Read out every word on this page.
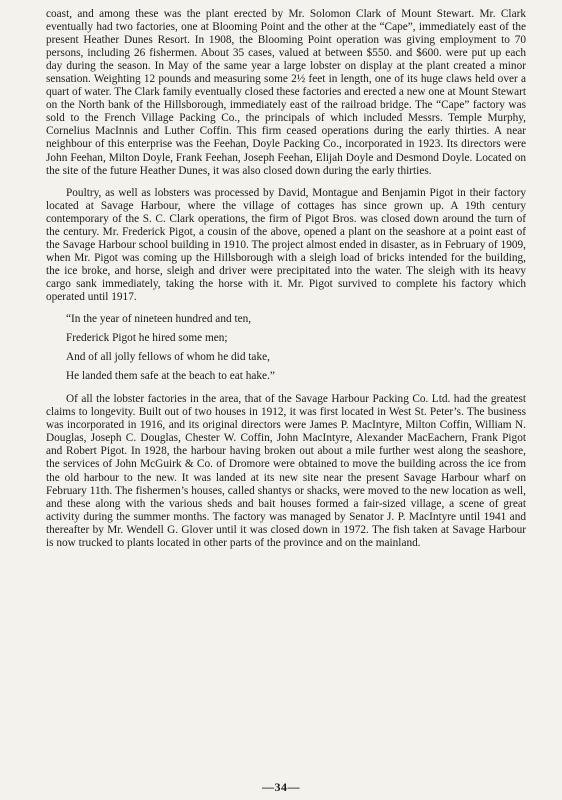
coast, and among these was the plant erected by Mr. Solomon Clark of Mount Stewart. Mr. Clark eventually had two factories, one at Blooming Point and the other at the “Cape”, immediately east of the present Heather Dunes Resort. In 1908, the Blooming Point operation was giving employment to 70 persons, including 26 fishermen. About 35 cases, valued at between $550. and $600. were put up each day during the season. In May of the same year a large lobster on display at the plant created a minor sensation. Weighting 12 pounds and measuring some 2½ feet in length, one of its huge claws held over a quart of water. The Clark family eventually closed these factories and erected a new one at Mount Stewart on the North bank of the Hillsborough, immediately east of the railroad bridge. The “Cape” factory was sold to the French Village Packing Co., the principals of which included Messrs. Temple Murphy, Cornelius MacInnis and Luther Coffin. This firm ceased operations during the early thirties. A near neighbour of this enterprise was the Feehan, Doyle Packing Co., incorporated in 1923. Its directors were John Feehan, Milton Doyle, Frank Feehan, Joseph Feehan, Elijah Doyle and Desmond Doyle. Located on the site of the future Heather Dunes, it was also closed down during the early thirties.

Poultry, as well as lobsters was processed by David, Montague and Benjamin Pigot in their factory located at Savage Harbour, where the village of cottages has since grown up. A 19th century contemporary of the S. C. Clark operations, the firm of Pigot Bros. was closed down around the turn of the century. Mr. Frederick Pigot, a cousin of the above, opened a plant on the seashore at a point east of the Savage Harbour school building in 1910. The project almost ended in disaster, as in February of 1909, when Mr. Pigot was coming up the Hillsborough with a sleigh load of bricks intended for the building, the ice broke, and horse, sleigh and driver were precipitated into the water. The sleigh with its heavy cargo sank immediately, taking the horse with it. Mr. Pigot survived to complete his factory which operated until 1917.

“In the year of nineteen hundred and ten,

Frederick Pigot he hired some men;

And of all jolly fellows of whom he did take,

He landed them safe at the beach to eat hake.”

Of all the lobster factories in the area, that of the Savage Harbour Packing Co. Ltd. had the greatest claims to longevity. Built out of two houses in 1912, it was first located in West St. Peter’s. The business was incorporated in 1916, and its original directors were James P. MacIntyre, Milton Coffin, William N. Douglas, Joseph C. Douglas, Chester W. Coffin, John MacIntyre, Alexander MacEachern, Frank Pigot and Robert Pigot. In 1928, the harbour having broken out about a mile further west along the seashore, the services of John McGuirk & Co. of Dromore were obtained to move the building across the ice from the old harbour to the new. It was landed at its new site near the present Savage Harbour wharf on February 11th. The fishermen’s houses, called shantys or shacks, were moved to the new location as well, and these along with the various sheds and bait houses formed a fair-sized village, a scene of great activity during the summer months. The factory was managed by Senator J. P. MacIntyre until 1941 and thereafter by Mr. Wendell G. Glover until it was closed down in 1972. The fish taken at Savage Harbour is now trucked to plants located in other parts of the province and on the mainland.

—34—
